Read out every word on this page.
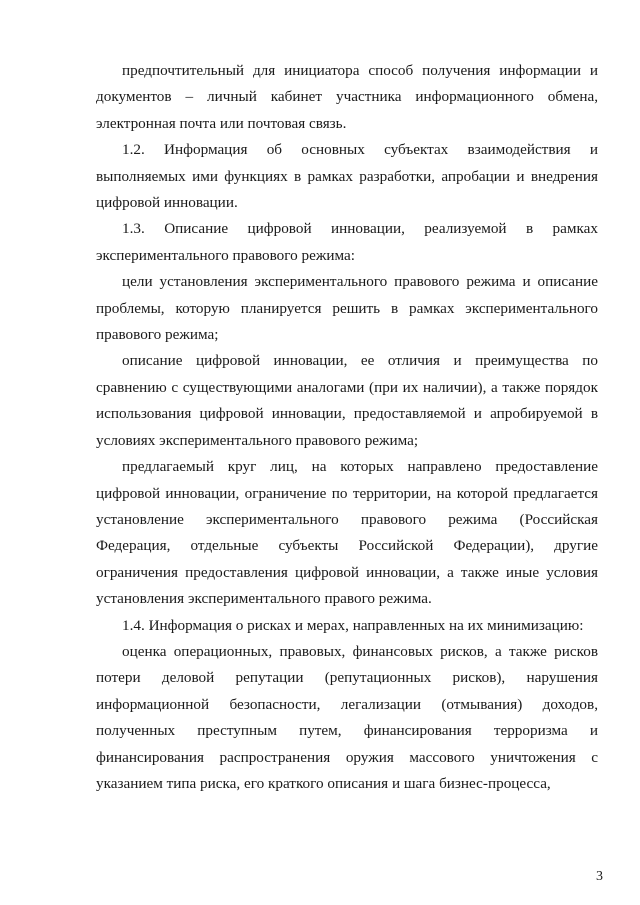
предпочтительный для инициатора способ получения информации и документов – личный кабинет участника информационного обмена, электронная почта или почтовая связь.

1.2. Информация об основных субъектах взаимодействия и выполняемых ими функциях в рамках разработки, апробации и внедрения цифровой инновации.

1.3. Описание цифровой инновации, реализуемой в рамках экспериментального правового режима:

цели установления экспериментального правового режима и описание проблемы, которую планируется решить в рамках экспериментального правового режима;

описание цифровой инновации, ее отличия и преимущества по сравнению с существующими аналогами (при их наличии), а также порядок использования цифровой инновации, предоставляемой и апробируемой в условиях экспериментального правового режима;

предлагаемый круг лиц, на которых направлено предоставление цифровой инновации, ограничение по территории, на которой предлагается установление экспериментального правового режима (Российская Федерация, отдельные субъекты Российской Федерации), другие ограничения предоставления цифровой инновации, а также иные условия установления экспериментального правого режима.

1.4. Информация о рисках и мерах, направленных на их минимизацию:

оценка операционных, правовых, финансовых рисков, а также рисков потери деловой репутации (репутационных рисков), нарушения информационной безопасности, легализации (отмывания) доходов, полученных преступным путем, финансирования терроризма и финансирования распространения оружия массового уничтожения с указанием типа риска, его краткого описания и шага бизнес-процесса,

3
